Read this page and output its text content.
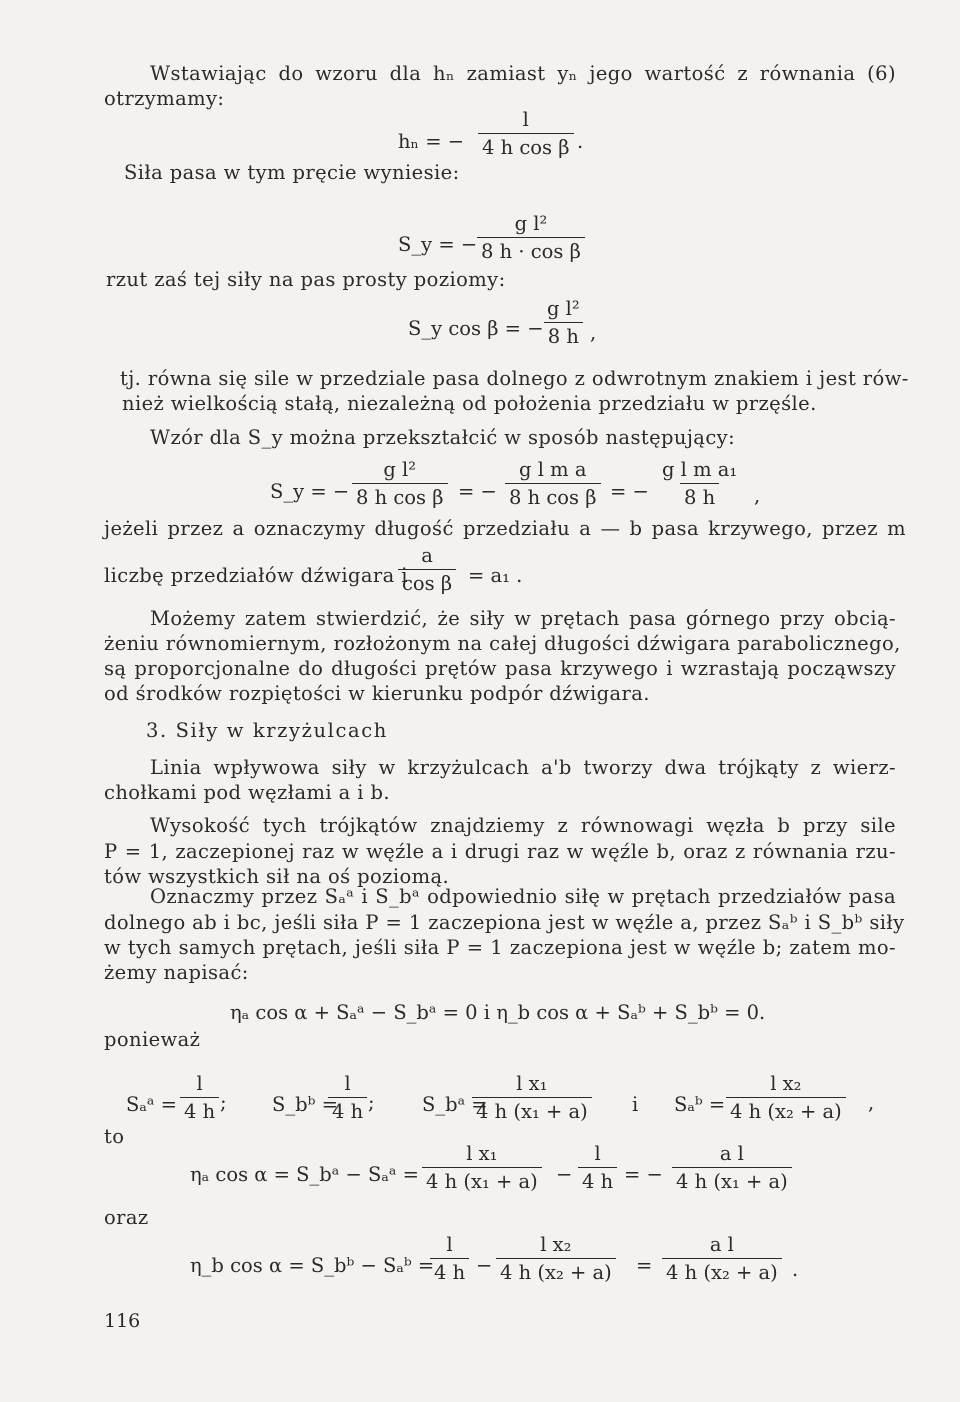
Wstawiając do wzoru dla hₙ zamiast yₙ jego wartość z równania (6)
otrzymamy:
hₙ = − $\frac{l}{\text{4 h cos β}}$ .
Siła pasa w tym pręcie wyniesie:
S_y = − $\frac{\text{g l²}}{\text{8 h · cos β}}$
rzut zaś tej siły na pas prosty poziomy:
S_y cos β = − $\frac{\text{g l²}}{8 h}$ ,
tj. równa się sile w przedziale pasa dolnego z odwrotnym znakiem i jest rów-
nież wielkością stałą, niezależną od położenia przedziału w przęśle.
Wzór dla S_y można przekształcić w sposób następujący:
S_y = − $\frac{\text{g l²}}{\text{8 h cos β}}$ = − $\frac{\text{g l m a}}{\text{8 h cos β}}$ = − $\frac{\text{g l m a₁}}{8 h}$ ,
jeżeli przez a oznaczymy długość przedziału a — b pasa krzywego, przez m
liczbę przedziałów dźwigara i
$\frac{a}{\text{cos β}} = a_1$ .
Możemy zatem stwierdzić, że siły w prętach pasa górnego przy obcią-
żeniu równomiernym, rozłożonym na całej długości dźwigara parabolicznego,
są proporcjonalne do długości prętów pasa krzywego i wzrastają począwszy
od środków rozpiętości w kierunku podpór dźwigara.
3. Siły w krzyżulcach
Linia wpływowa siły w krzyżulcach a'b tworzy dwa trójkąty z wierz-
chołkami pod węzłami a i b.
Wysokość tych trójkątów znajdziemy z równowagi węzła b przy sile
P = 1, zaczepionej raz w węźle a i drugi raz w węźle b, oraz z równania rzu-
tów wszystkich sił na oś poziomą.
Oznaczmy przez Sₐᵃ i S_bᵃ odpowiednio siłę w prętach przedziałów pasa
dolnego ab i bc, jeśli siła P = 1 zaczepiona jest w węźle a, przez Sₐᵇ i S_bᵇ siły
w tych samych prętach, jeśli siła P = 1 zaczepiona jest w węźle b; zatem mo-
żemy napisać:
ηₐ cos α + Sₐᵃ − S_bᵃ = 0 i η_b cos α + Sₐᵇ + S_bᵇ = 0.
ponieważ
Sₐᵃ = $\frac{l}{4 h}$ ; S_bᵇ =
$\frac{l}{4 h}$ ; S_bᵃ =
$\frac{\text{l x₁}}{\text{4 h (x₁ + a)}}$ i Sₐᵇ = $\frac{\text{l x₂}}{\text{4 h (x₂ + a)}}$ ,
to
ηₐ cos α = S_bᵃ − Sₐᵃ = $\frac{\text{l x₁}}{\text{4 h (x₁ + a)}} - \frac{l}{4 h}$ = − $\frac{\text{a l}}{\text{4 h (x₁ + a)}}$
oraz
η_b cos α = S_bᵇ − Sₐᵇ =
$\frac{l}{4 h} - \frac{\text{l x₂}}{\text{4 h (x₂ + a)}} = \frac{\text{a l}}{\text{4 h (x₂ + a)}}$ .
116
